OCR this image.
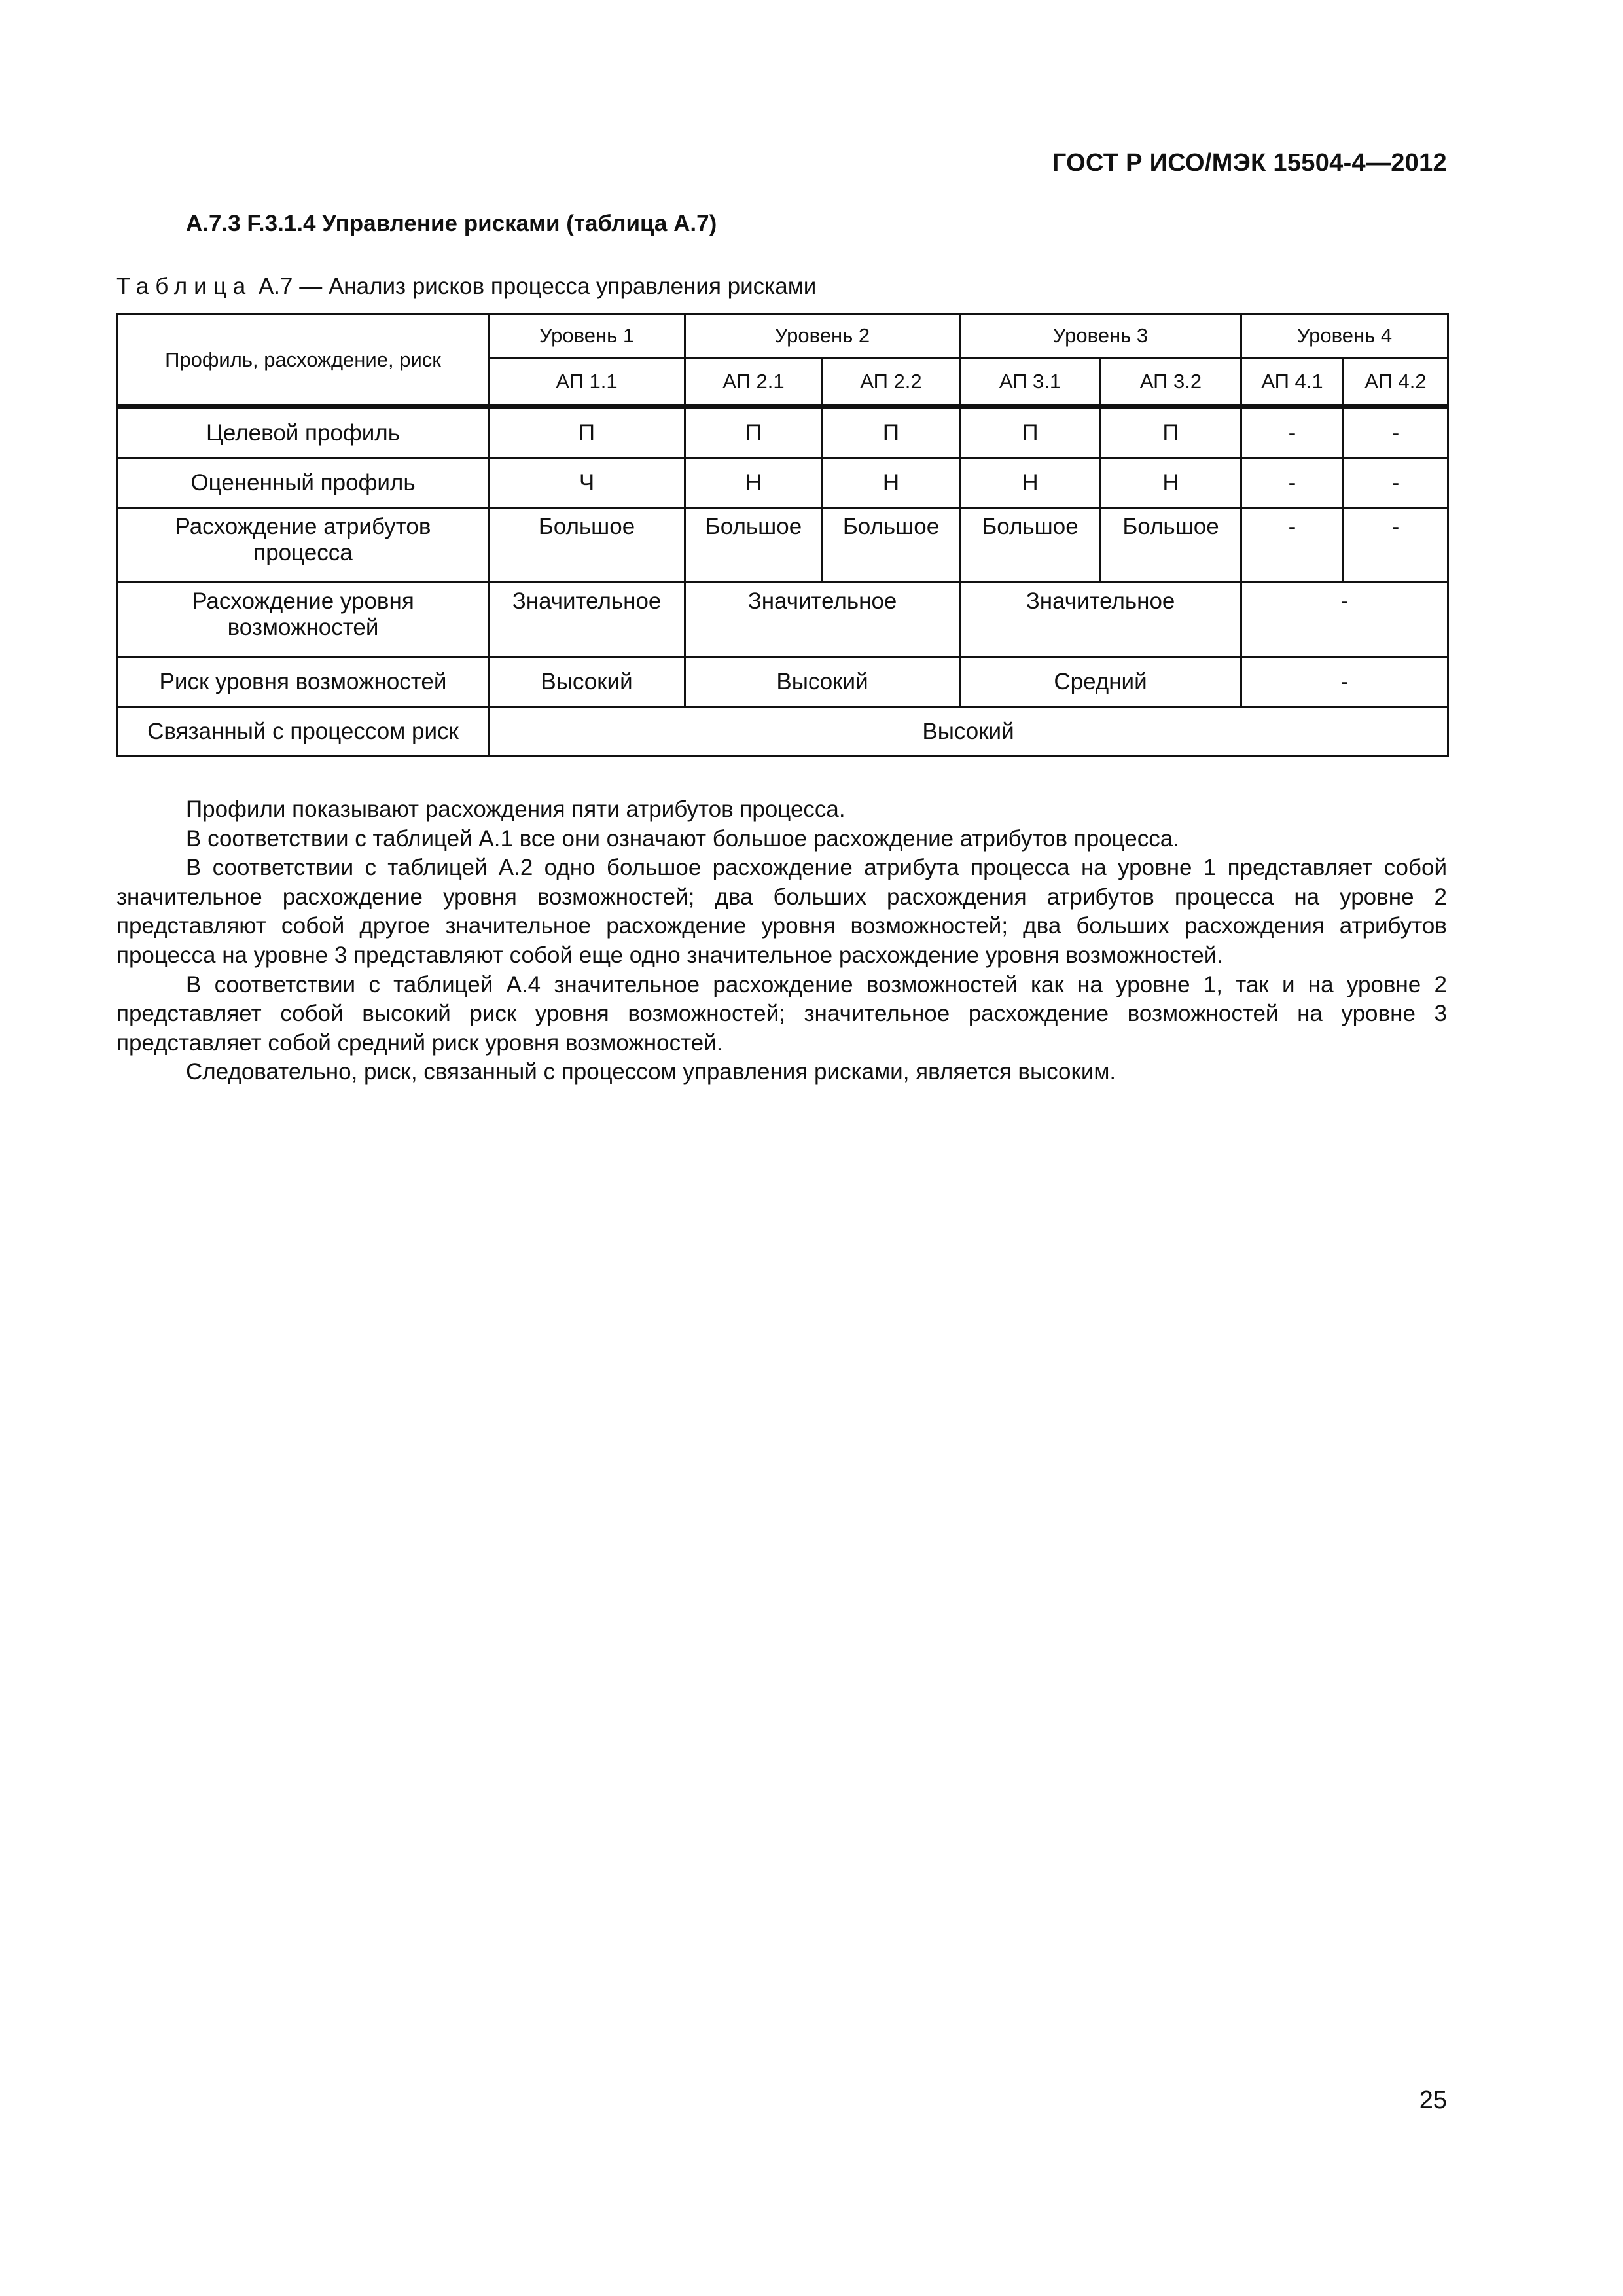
ГОСТ Р ИСО/МЭК 15504-4—2012
А.7.3 F.3.1.4 Управление рисками (таблица А.7)
Таблица А.7 — Анализ рисков процесса управления рисками
Профиль, расхождение, риск	Уровень 1	Уровень 2		Уровень 3		Уровень 4	
	АП 1.1	АП 2.1	АП 2.2	АП 3.1	АП 3.2	АП 4.1	АП 4.2
Целевой профиль	П	П	П	П	П	-	-
Оцененный профиль	Ч	Н	Н	Н	Н	-	-
Расхождение атрибутов процесса	Большое	Большое	Большое	Большое	Большое	-	-
Расхождение уровня возможностей	Значительное	Значительное		Значительное		-	
Риск уровня возможностей	Высокий	Высокий		Средний		-	
Связанный с процессом риск	Высокий						

Профили показывают расхождения пяти атрибутов процесса.

В соответствии с таблицей А.1 все они означают большое расхождение атрибутов процесса.

В соответствии с таблицей А.2 одно большое расхождение атрибута процесса на уровне 1 представляет собой значительное расхождение уровня возможностей; два больших расхождения атрибутов процесса на уровне 2 представляют собой другое значительное расхождение уровня возможностей; два больших расхождения атрибутов процесса на уровне 3 представляют собой еще одно значительное расхождение уровня возможностей.

В соответствии с таблицей А.4 значительное расхождение возможностей как на уровне 1, так и на уровне 2 представляет собой высокий риск уровня возможностей; значительное расхождение возможностей на уровне 3 представляет собой средний риск уровня возможностей.

Следовательно, риск, связанный с процессом управления рисками, является высоким.

25
